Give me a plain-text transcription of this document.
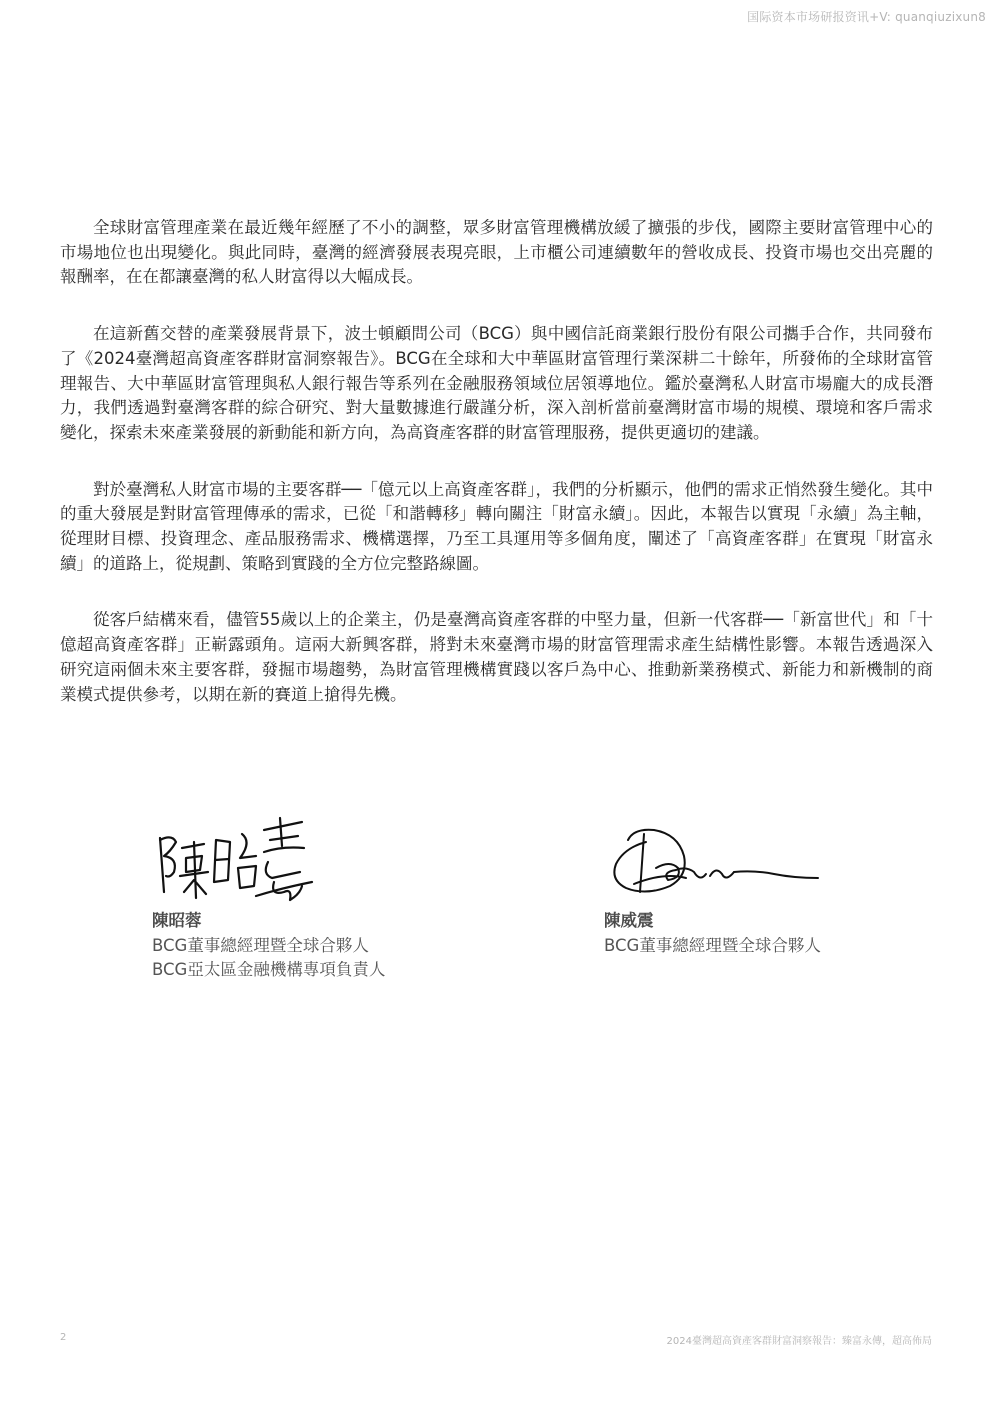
国际资本市场研报资讯+V: quanqiuzixun8

全球財富管理產業在最近幾年經歷了不小的調整，眾多財富管理機構放緩了擴張的步伐，國際主要財富管理中心的市場地位也出現變化。與此同時，臺灣的經濟發展表現亮眼，上市櫃公司連續數年的營收成長、投資市場也交出亮麗的報酬率，在在都讓臺灣的私人財富得以大幅成長。

在這新舊交替的產業發展背景下，波士頓顧問公司（BCG）與中國信託商業銀行股份有限公司攜手合作，共同發布了《2024臺灣超高資產客群財富洞察報告》。BCG在全球和大中華區財富管理行業深耕二十餘年，所發佈的全球財富管理報告、大中華區財富管理與私人銀行報告等系列在金融服務領域位居領導地位。鑑於臺灣私人財富市場龐大的成長潛力，我們透過對臺灣客群的綜合研究、對大量數據進行嚴謹分析，深入剖析當前臺灣財富市場的規模、環境和客戶需求變化，探索未來產業發展的新動能和新方向，為高資產客群的財富管理服務，提供更適切的建議。

對於臺灣私人財富市場的主要客群──「億元以上高資產客群」，我們的分析顯示，他們的需求正悄然發生變化。其中的重大發展是對財富管理傳承的需求，已從「和諧轉移」轉向關注「財富永續」。因此，本報告以實現「永續」為主軸，從理財目標、投資理念、產品服務需求、機構選擇，乃至工具運用等多個角度，闡述了「高資產客群」在實現「財富永續」的道路上，從規劃、策略到實踐的全方位完整路線圖。

從客戶結構來看，儘管55歲以上的企業主，仍是臺灣高資產客群的中堅力量，但新一代客群──「新富世代」和「十億超高資產客群」正嶄露頭角。這兩大新興客群，將對未來臺灣市場的財富管理需求產生結構性影響。本報告透過深入研究這兩個未來主要客群，發掘市場趨勢，為財富管理機構實踐以客戶為中心、推動新業務模式、新能力和新機制的商業模式提供參考，以期在新的賽道上搶得先機。

陳昭蓉
BCG董事總經理暨全球合夥人
BCG亞太區金融機構專項負責人
陳威震
BCG董事總經理暨全球合夥人
2	2024臺灣超高資產客群財富洞察報告：臻富永傳，超高佈局
